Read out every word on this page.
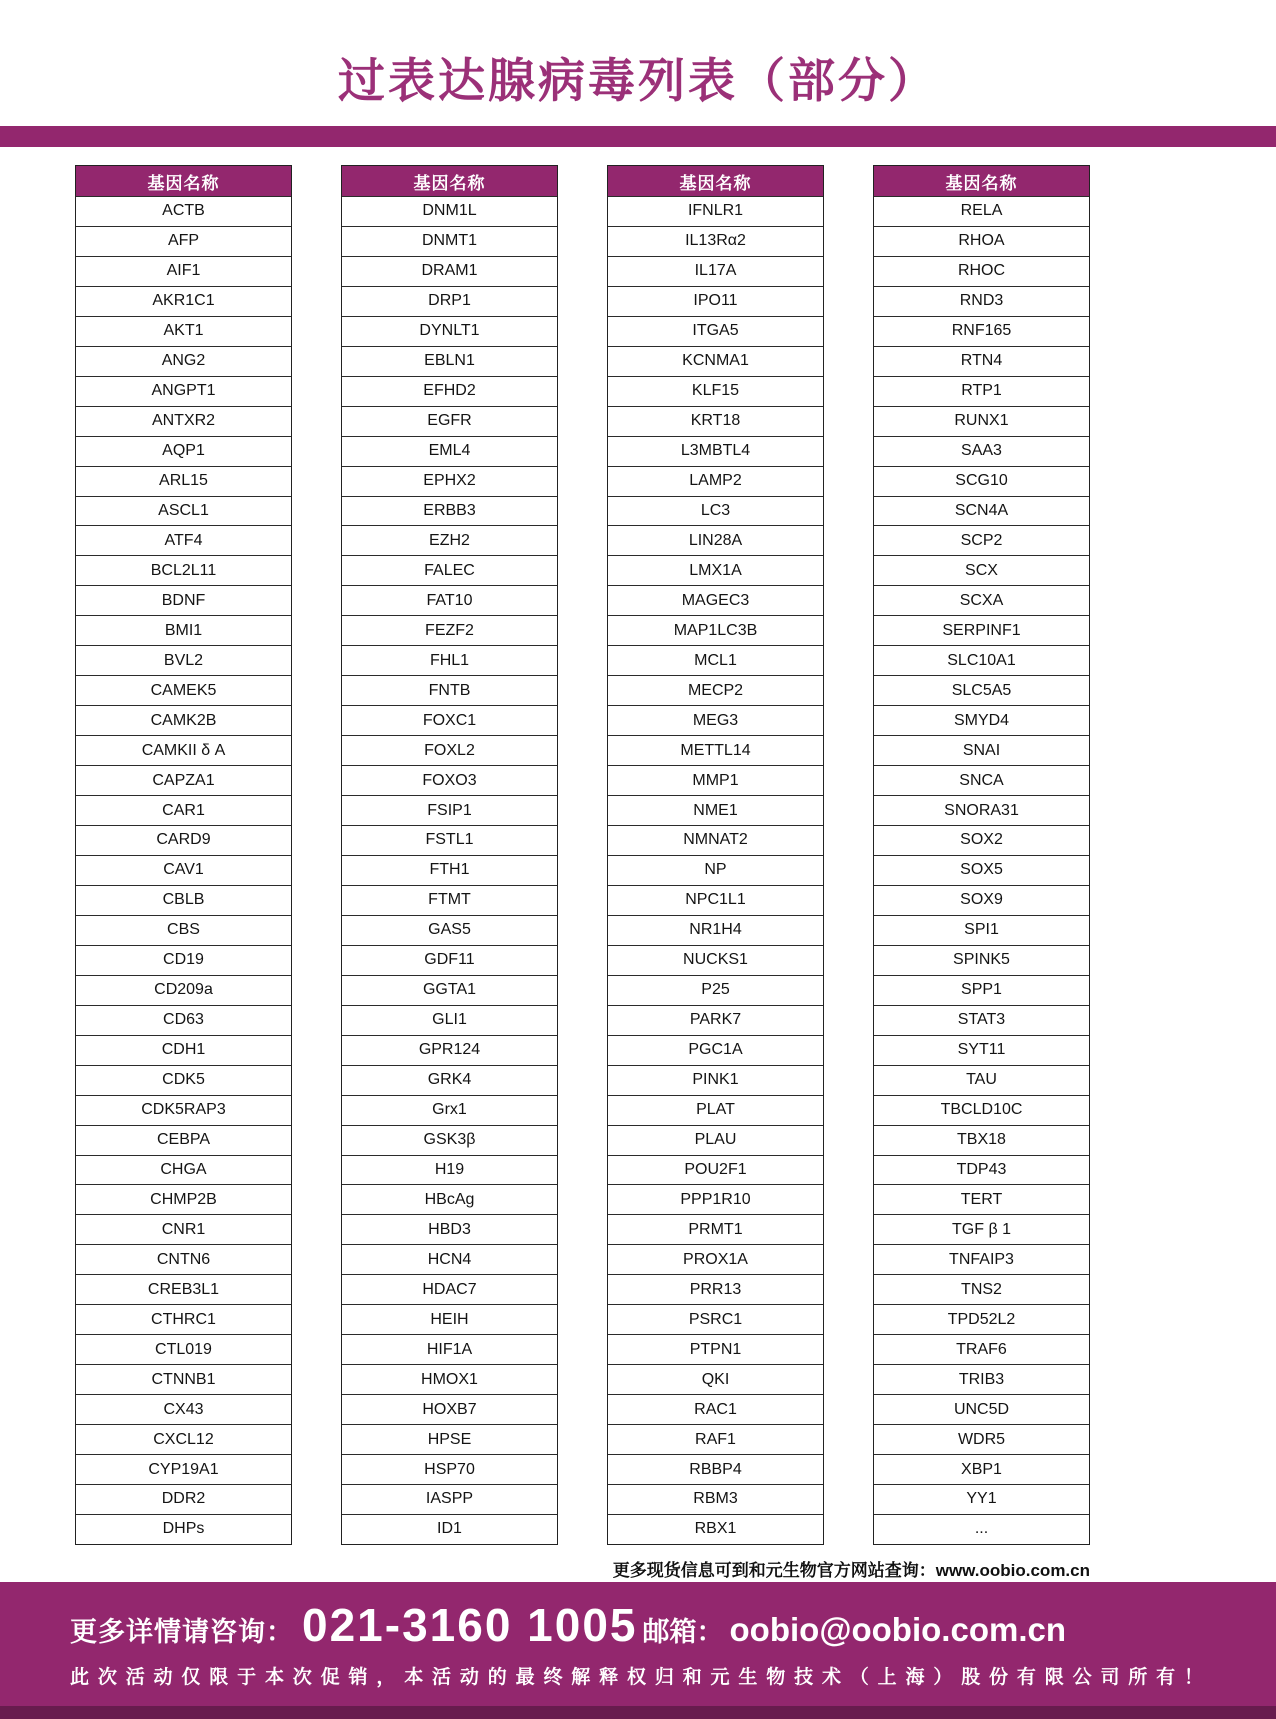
过表达腺病毒列表（部分）
基因名称
ACTB
AFP
AIF1
AKR1C1
AKT1
ANG2
ANGPT1
ANTXR2
AQP1
ARL15
ASCL1
ATF4
BCL2L11
BDNF
BMI1
BVL2
CAMEK5
CAMK2B
CAMKII δ A
CAPZA1
CAR1
CARD9
CAV1
CBLB
CBS
CD19
CD209a
CD63
CDH1
CDK5
CDK5RAP3
CEBPA
CHGA
CHMP2B
CNR1
CNTN6
CREB3L1
CTHRC1
CTL019
CTNNB1
CX43
CXCL12
CYP19A1
DDR2
DHPs
基因名称
DNM1L
DNMT1
DRAM1
DRP1
DYNLT1
EBLN1
EFHD2
EGFR
EML4
EPHX2
ERBB3
EZH2
FALEC
FAT10
FEZF2
FHL1
FNTB
FOXC1
FOXL2
FOXO3
FSIP1
FSTL1
FTH1
FTMT
GAS5
GDF11
GGTA1
GLI1
GPR124
GRK4
Grx1
GSK3β
H19
HBcAg
HBD3
HCN4
HDAC7
HEIH
HIF1A
HMOX1
HOXB7
HPSE
HSP70
IASPP
ID1
基因名称
IFNLR1
IL13Rα2
IL17A
IPO11
ITGA5
KCNMA1
KLF15
KRT18
L3MBTL4
LAMP2
LC3
LIN28A
LMX1A
MAGEC3
MAP1LC3B
MCL1
MECP2
MEG3
METTL14
MMP1
NME1
NMNAT2
NP
NPC1L1
NR1H4
NUCKS1
P25
PARK7
PGC1A
PINK1
PLAT
PLAU
POU2F1
PPP1R10
PRMT1
PROX1A
PRR13
PSRC1
PTPN1
QKI
RAC1
RAF1
RBBP4
RBM3
RBX1
基因名称
RELA
RHOA
RHOC
RND3
RNF165
RTN4
RTP1
RUNX1
SAA3
SCG10
SCN4A
SCP2
SCX
SCXA
SERPINF1
SLC10A1
SLC5A5
SMYD4
SNAI
SNCA
SNORA31
SOX2
SOX5
SOX9
SPI1
SPINK5
SPP1
STAT3
SYT11
TAU
TBCLD10C
TBX18
TDP43
TERT
TGF β 1
TNFAIP3
TNS2
TPD52L2
TRAF6
TRIB3
UNC5D
WDR5
XBP1
YY1
...
更多现货信息可到和元生物官方网站查询：www.oobio.com.cn
更多详情请咨询： 021-3160 1005 邮箱： oobio@oobio.com.cn
此次活动仅限于本次促销，本活动的最终解释权归和元生物技术（上海）股份有限公司所有！
